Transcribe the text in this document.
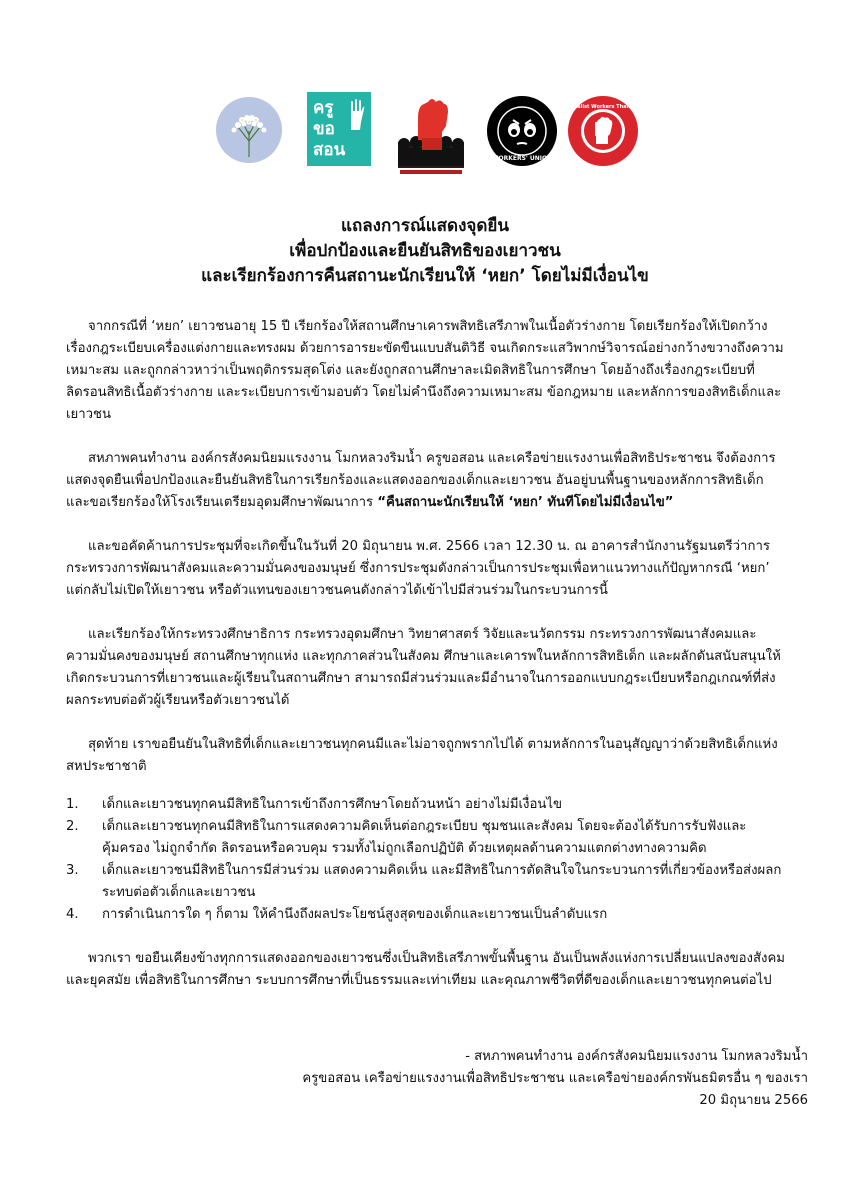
ครู
ขอ
สอน	WORKERS' UNION
Socialist Workers Thailand
แถลงการณ์แสดงจุดยืน
เพื่อปกป้องและยืนยันสิทธิของเยาวชน
และเรียกร้องการคืนสถานะนักเรียนให้ ‘หยก’ โดยไม่มีเงื่อนไข

จากกรณีที่ ‘หยก’ เยาวชนอายุ 15 ปี เรียกร้องให้สถานศึกษาเคารพสิทธิเสรีภาพในเนื้อตัวร่างกาย โดยเรียกร้องให้เปิดกว้างเรื่องกฎระเบียบเครื่องแต่งกายและทรงผม ด้วยการอารยะขัดขืนแบบสันติวิธี จนเกิดกระแสวิพากษ์วิจารณ์อย่างกว้างขวางถึงความเหมาะสม และถูกกล่าวหาว่าเป็นพฤติกรรมสุดโต่ง และยังถูกสถานศึกษาละเมิดสิทธิในการศึกษา โดยอ้างถึงเรื่องกฎระเบียบที่ลิดรอนสิทธิเนื้อตัวร่างกาย และระเบียบการเข้ามอบตัว โดยไม่คำนึงถึงความเหมาะสม ข้อกฎหมาย และหลักการของสิทธิเด็กและเยาวชน

สหภาพคนทำงาน องค์กรสังคมนิยมแรงงาน โมกหลวงริมน้ำ ครูขอสอน และเครือข่ายแรงงานเพื่อสิทธิประชาชน จึงต้องการแสดงจุดยืนเพื่อปกป้องและยืนยันสิทธิในการเรียกร้องและแสดงออกของเด็กและเยาวชน อันอยู่บนพื้นฐานของหลักการสิทธิเด็ก และขอเรียกร้องให้โรงเรียนเตรียมอุดมศึกษาพัฒนาการ “คืนสถานะนักเรียนให้ ‘หยก’ ทันทีโดยไม่มีเงื่อนไข”

และขอคัดค้านการประชุมที่จะเกิดขึ้นในวันที่ 20 มิถุนายน พ.ศ. 2566 เวลา 12.30 น. ณ อาคารสำนักงานรัฐมนตรีว่าการกระทรวงการพัฒนาสังคมและความมั่นคงของมนุษย์ ซึ่งการประชุมดังกล่าวเป็นการประชุมเพื่อหาแนวทางแก้ปัญหากรณี ‘หยก’ แต่กลับไม่เปิดให้เยาวชน หรือตัวแทนของเยาวชนคนดังกล่าวได้เข้าไปมีส่วนร่วมในกระบวนการนี้

และเรียกร้องให้กระทรวงศึกษาธิการ กระทรวงอุดมศึกษา วิทยาศาสตร์ วิจัยและนวัตกรรม กระทรวงการพัฒนาสังคมและความมั่นคงของมนุษย์ สถานศึกษาทุกแห่ง และทุกภาคส่วนในสังคม ศึกษาและเคารพในหลักการสิทธิเด็ก และผลักดันสนับสนุนให้เกิดกระบวนการที่เยาวชนและผู้เรียนในสถานศึกษา สามารถมีส่วนร่วมและมีอำนาจในการออกแบบกฎระเบียบหรือกฎเกณฑ์ที่ส่งผลกระทบต่อตัวผู้เรียนหรือตัวเยาวชนได้

สุดท้าย เราขอยืนยันในสิทธิที่เด็กและเยาวชนทุกคนมีและไม่อาจถูกพรากไปได้ ตามหลักการในอนุสัญญาว่าด้วยสิทธิเด็กแห่งสหประชาชาติ

1. เด็กและเยาวชนทุกคนมีสิทธิในการเข้าถึงการศึกษาโดยถ้วนหน้า อย่างไม่มีเงื่อนไข
2. เด็กและเยาวชนทุกคนมีสิทธิในการแสดงความคิดเห็นต่อกฎระเบียบ ชุมชนและสังคม โดยจะต้องได้รับการรับฟังและคุ้มครอง ไม่ถูกจำกัด ลิดรอนหรือควบคุม รวมทั้งไม่ถูกเลือกปฏิบัติ ด้วยเหตุผลด้านความแตกต่างทางความคิด
3. เด็กและเยาวชนมีสิทธิในการมีส่วนร่วม แสดงความคิดเห็น และมีสิทธิในการตัดสินใจในกระบวนการที่เกี่ยวข้องหรือส่งผลกระทบต่อตัวเด็กและเยาวชน
4. การดำเนินการใด ๆ ก็ตาม ให้คำนึงถึงผลประโยชน์สูงสุดของเด็กและเยาวชนเป็นลำดับแรก

พวกเรา ขอยืนเคียงข้างทุกการแสดงออกของเยาวชนซึ่งเป็นสิทธิเสรีภาพขั้นพื้นฐาน อันเป็นพลังแห่งการเปลี่ยนแปลงของสังคมและยุคสมัย เพื่อสิทธิในการศึกษา ระบบการศึกษาที่เป็นธรรมและเท่าเทียม และคุณภาพชีวิตที่ดีของเด็กและเยาวชนทุกคนต่อไป

- สหภาพคนทำงาน องค์กรสังคมนิยมแรงงาน โมกหลวงริมน้ำ
ครูขอสอน เครือข่ายแรงงานเพื่อสิทธิประชาชน และเครือข่ายองค์กรพันธมิตรอื่น ๆ ของเรา
20 มิถุนายน 2566
